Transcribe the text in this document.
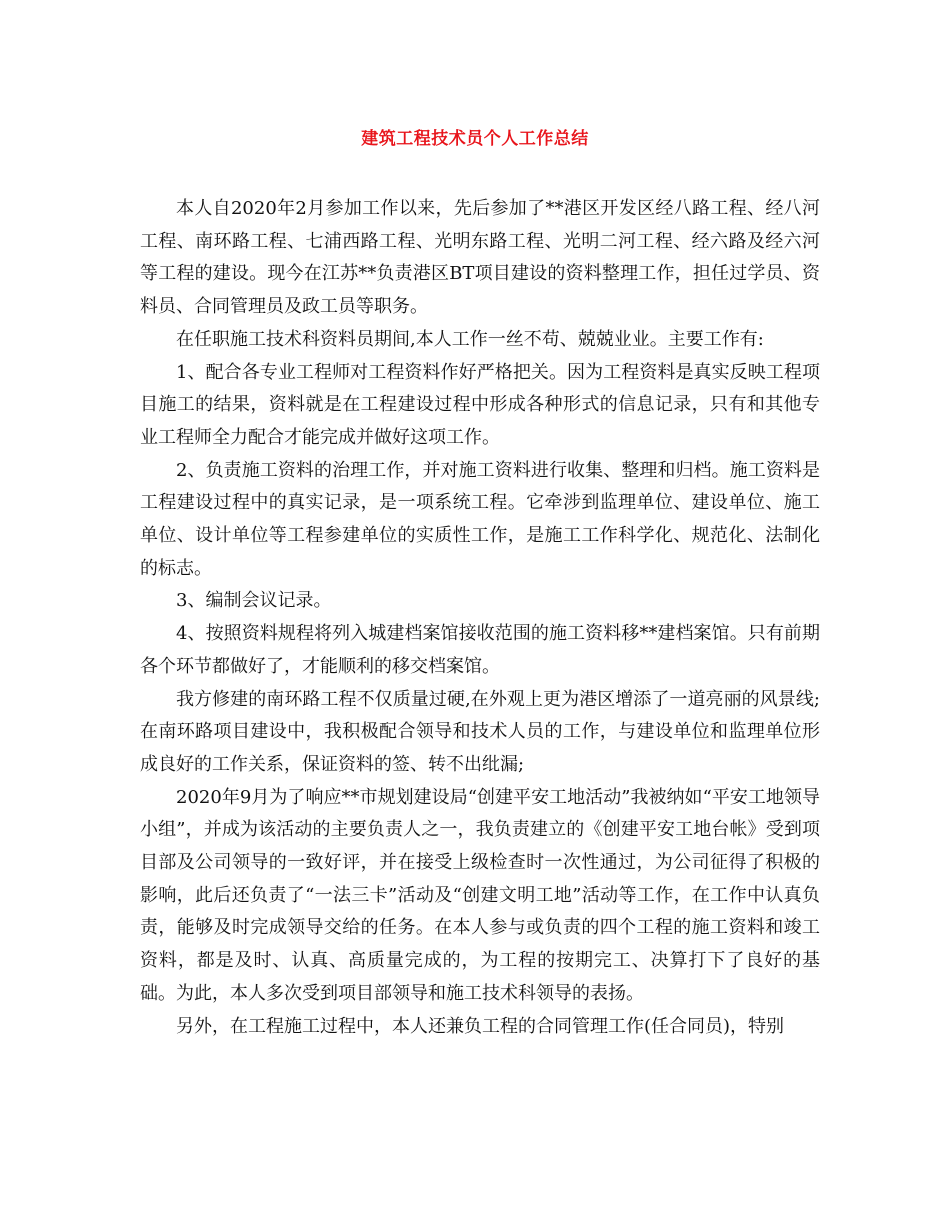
建筑工程技术员个人工作总结

本人自2020年2月参加工作以来，先后参加了**港区开发区经八路工程、经八河工程、南环路工程、七浦西路工程、光明东路工程、光明二河工程、经六路及经六河等工程的建设。现今在江苏**负责港区BT项目建设的资料整理工作，担任过学员、资料员、合同管理员及政工员等职务。

在任职施工技术科资料员期间,本人工作一丝不苟、兢兢业业。主要工作有:

1、配合各专业工程师对工程资料作好严格把关。因为工程资料是真实反映工程项目施工的结果，资料就是在工程建设过程中形成各种形式的信息记录，只有和其他专业工程师全力配合才能完成并做好这项工作。

2、负责施工资料的治理工作，并对施工资料进行收集、整理和归档。施工资料是工程建设过程中的真实记录，是一项系统工程。它牵涉到监理单位、建设单位、施工单位、设计单位等工程参建单位的实质性工作，是施工工作科学化、规范化、法制化的标志。

3、编制会议记录。

4、按照资料规程将列入城建档案馆接收范围的施工资料移**建档案馆。只有前期各个环节都做好了，才能顺利的移交档案馆。

我方修建的南环路工程不仅质量过硬,在外观上更为港区增添了一道亮丽的风景线;在南环路项目建设中，我积极配合领导和技术人员的工作，与建设单位和监理单位形成良好的工作关系，保证资料的签、转不出纰漏;

2020年9月为了响应**市规划建设局“创建平安工地活动”我被纳如“平安工地领导小组”，并成为该活动的主要负责人之一，我负责建立的《创建平安工地台帐》受到项目部及公司领导的一致好评，并在接受上级检查时一次性通过，为公司征得了积极的影响，此后还负责了“一法三卡”活动及“创建文明工地”活动等工作，在工作中认真负责，能够及时完成领导交给的任务。在本人参与或负责的四个工程的施工资料和竣工资料，都是及时、认真、高质量完成的，为工程的按期完工、决算打下了良好的基础。为此，本人多次受到项目部领导和施工技术科领导的表扬。

另外，在工程施工过程中，本人还兼负工程的合同管理工作(任合同员)，特别
